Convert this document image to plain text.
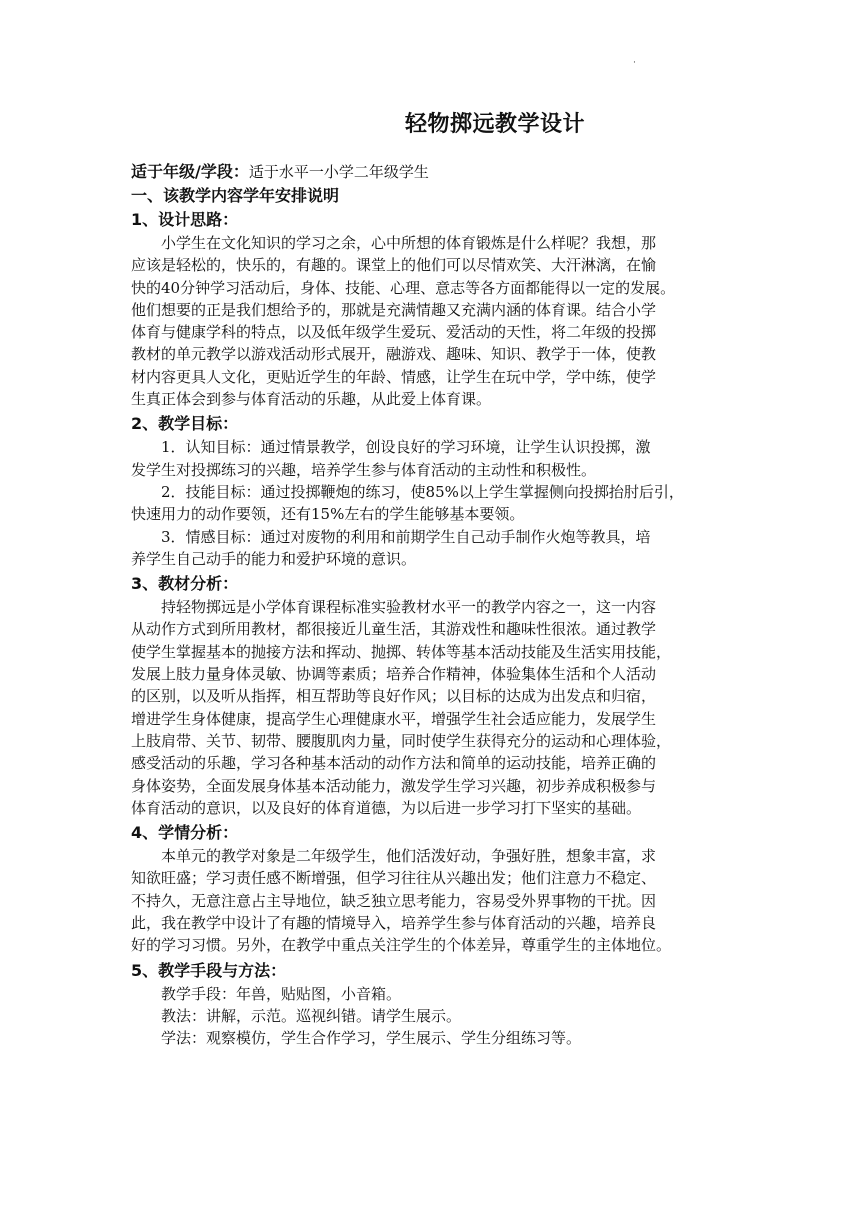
·
轻物掷远教学设计
适于年级/学段：适于水平一小学二年级学生
一、该教学内容学年安排说明
1、设计思路：
小学生在文化知识的学习之余，心中所想的体育锻炼是什么样呢？我想，那
应该是轻松的，快乐的，有趣的。课堂上的他们可以尽情欢笑、大汗淋漓，在愉
快的40分钟学习活动后，身体、技能、心理、意志等各方面都能得以一定的发展。
他们想要的正是我们想给予的，那就是充满情趣又充满内涵的体育课。结合小学
体育与健康学科的特点，以及低年级学生爱玩、爱活动的天性，将二年级的投掷
教材的单元教学以游戏活动形式展开，融游戏、趣味、知识、教学于一体，使教
材内容更具人文化，更贴近学生的年龄、情感，让学生在玩中学，学中练，使学
生真正体会到参与体育活动的乐趣，从此爱上体育课。
2、教学目标：
1．认知目标：通过情景教学，创设良好的学习环境，让学生认识投掷，激
发学生对投掷练习的兴趣，培养学生参与体育活动的主动性和积极性。
2．技能目标：通过投掷鞭炮的练习，使85%以上学生掌握侧向投掷抬肘后引，
快速用力的动作要领，还有15%左右的学生能够基本要领。
3．情感目标：通过对废物的利用和前期学生自己动手制作火炮等教具，培
养学生自己动手的能力和爱护环境的意识。
3、教材分析：
持轻物掷远是小学体育课程标准实验教材水平一的教学内容之一，这一内容
从动作方式到所用教材，都很接近儿童生活，其游戏性和趣味性很浓。通过教学
使学生掌握基本的抛接方法和挥动、抛掷、转体等基本活动技能及生活实用技能，
发展上肢力量身体灵敏、协调等素质；培养合作精神，体验集体生活和个人活动
的区别，以及听从指挥，相互帮助等良好作风；以目标的达成为出发点和归宿，
增进学生身体健康，提高学生心理健康水平，增强学生社会适应能力，发展学生
上肢肩带、关节、韧带、腰腹肌肉力量，同时使学生获得充分的运动和心理体验，
感受活动的乐趣，学习各种基本活动的动作方法和简单的运动技能，培养正确的
身体姿势，全面发展身体基本活动能力，激发学生学习兴趣，初步养成积极参与
体育活动的意识，以及良好的体育道德，为以后进一步学习打下坚实的基础。
4、学情分析：
本单元的教学对象是二年级学生，他们活泼好动，争强好胜，想象丰富，求
知欲旺盛；学习责任感不断增强，但学习往往从兴趣出发；他们注意力不稳定、
不持久，无意注意占主导地位，缺乏独立思考能力，容易受外界事物的干扰。因
此，我在教学中设计了有趣的情境导入，培养学生参与体育活动的兴趣，培养良
好的学习习惯。另外，在教学中重点关注学生的个体差异，尊重学生的主体地位。
5、教学手段与方法：
教学手段：年兽，贴贴图，小音箱。
教法：讲解，示范。巡视纠错。请学生展示。
学法：观察模仿，学生合作学习，学生展示、学生分组练习等。
